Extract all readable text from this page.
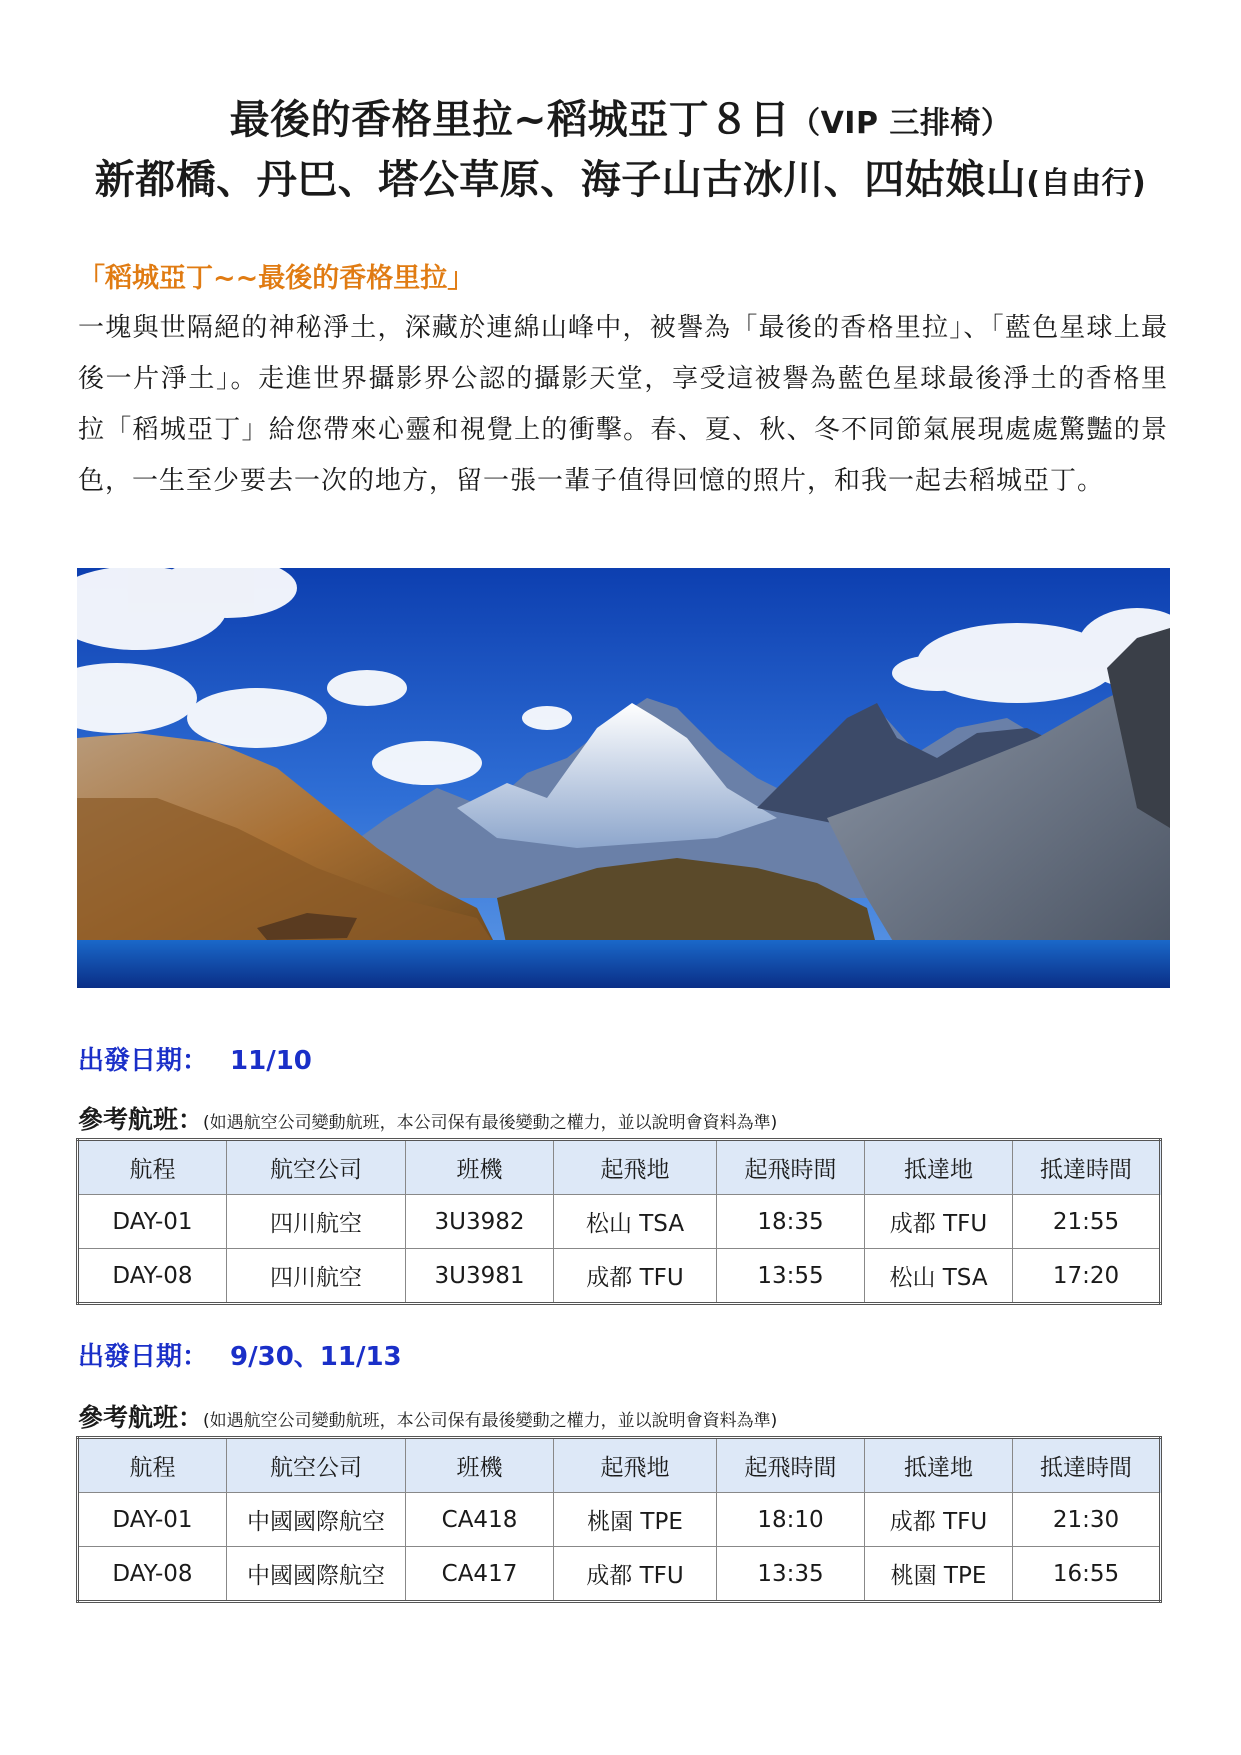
最後的香格里拉~稻城亞丁８日（VIP 三排椅）
新都橋、丹巴、塔公草原、海子山古冰川、四姑娘山(自由行)
「稻城亞丁~~最後的香格里拉」
一塊與世隔絕的神秘淨土，深藏於連綿山峰中，被譽為「最後的香格里拉」、「藍色星球上最後一片淨土」。走進世界攝影界公認的攝影天堂，享受這被譽為藍色星球最後淨土的香格里拉「稻城亞丁」給您帶來心靈和視覺上的衝擊。春、夏、秋、冬不同節氣展現處處驚豔的景色，一生至少要去一次的地方，留一張一輩子值得回憶的照片，和我一起去稻城亞丁。
出發日期： 11/10
參考航班：(如遇航空公司變動航班，本公司保有最後變動之權力，並以說明會資料為準)
航程	航空公司	班機	起飛地	起飛時間	抵達地	抵達時間
DAY-01	四川航空	3U3982	松山 TSA	18:35	成都 TFU	21:55
DAY-08	四川航空	3U3981	成都 TFU	13:55	松山 TSA	17:20
出發日期： 9/30、11/13
參考航班：(如遇航空公司變動航班，本公司保有最後變動之權力，並以說明會資料為準)
航程	航空公司	班機	起飛地	起飛時間	抵達地	抵達時間
DAY-01	中國國際航空	CA418	桃園 TPE	18:10	成都 TFU	21:30
DAY-08	中國國際航空	CA417	成都 TFU	13:35	桃園 TPE	16:55
